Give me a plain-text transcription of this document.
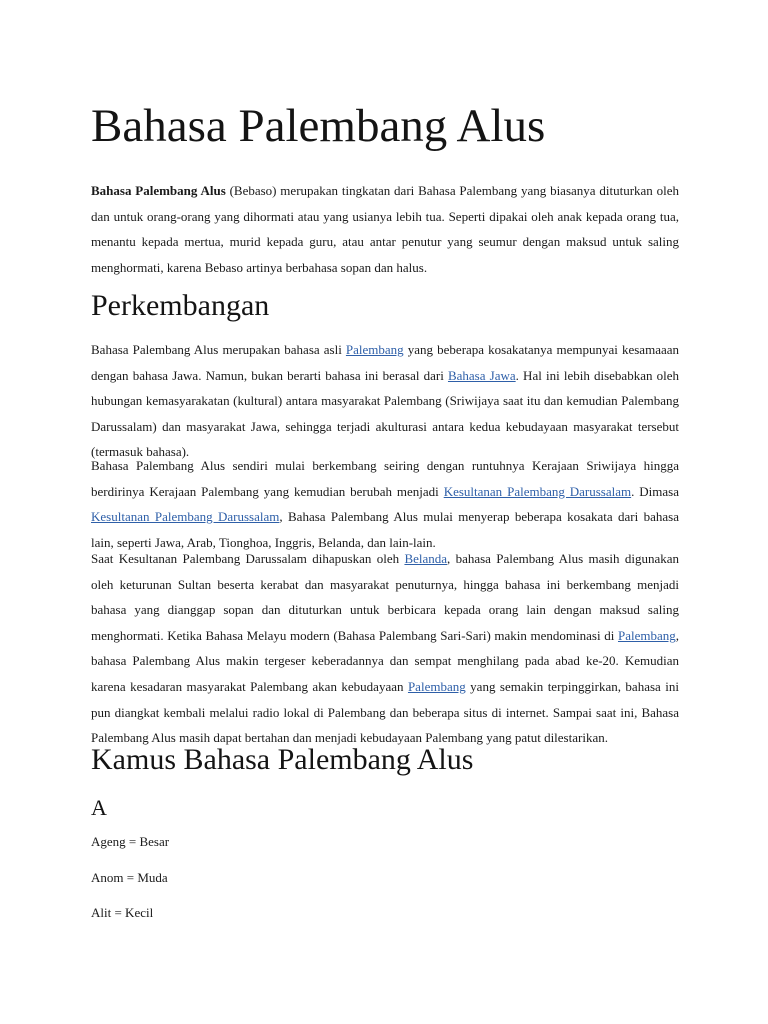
Bahasa Palembang Alus

Bahasa Palembang Alus (Bebaso) merupakan tingkatan dari Bahasa Palembang yang biasanya dituturkan oleh dan untuk orang-orang yang dihormati atau yang usianya lebih tua. Seperti dipakai oleh anak kepada orang tua, menantu kepada mertua, murid kepada guru, atau antar penutur yang seumur dengan maksud untuk saling menghormati, karena Bebaso artinya berbahasa sopan dan halus.

Perkembangan

Bahasa Palembang Alus merupakan bahasa asli Palembang yang beberapa kosakatanya mempunyai kesamaaan dengan bahasa Jawa. Namun, bukan berarti bahasa ini berasal dari Bahasa Jawa. Hal ini lebih disebabkan oleh hubungan kemasyarakatan (kultural) antara masyarakat Palembang (Sriwijaya saat itu dan kemudian Palembang Darussalam) dan masyarakat Jawa, sehingga terjadi akulturasi antara kedua kebudayaan masyarakat tersebut (termasuk bahasa).

Bahasa Palembang Alus sendiri mulai berkembang seiring dengan runtuhnya Kerajaan Sriwijaya hingga berdirinya Kerajaan Palembang yang kemudian berubah menjadi Kesultanan Palembang Darussalam. Dimasa Kesultanan Palembang Darussalam, Bahasa Palembang Alus mulai menyerap beberapa kosakata dari bahasa lain, seperti Jawa, Arab, Tionghoa, Inggris, Belanda, dan lain-lain.

Saat Kesultanan Palembang Darussalam dihapuskan oleh Belanda, bahasa Palembang Alus masih digunakan oleh keturunan Sultan beserta kerabat dan masyarakat penuturnya, hingga bahasa ini berkembang menjadi bahasa yang dianggap sopan dan dituturkan untuk berbicara kepada orang lain dengan maksud saling menghormati. Ketika Bahasa Melayu modern (Bahasa Palembang Sari-Sari) makin mendominasi di Palembang, bahasa Palembang Alus makin tergeser keberadannya dan sempat menghilang pada abad ke-20. Kemudian karena kesadaran masyarakat Palembang akan kebudayaan Palembang yang semakin terpinggirkan, bahasa ini pun diangkat kembali melalui radio lokal di Palembang dan beberapa situs di internet. Sampai saat ini, Bahasa Palembang Alus masih dapat bertahan dan menjadi kebudayaan Palembang yang patut dilestarikan.

Kamus Bahasa Palembang Alus
A

Ageng = Besar

Anom = Muda

Alit = Kecil
